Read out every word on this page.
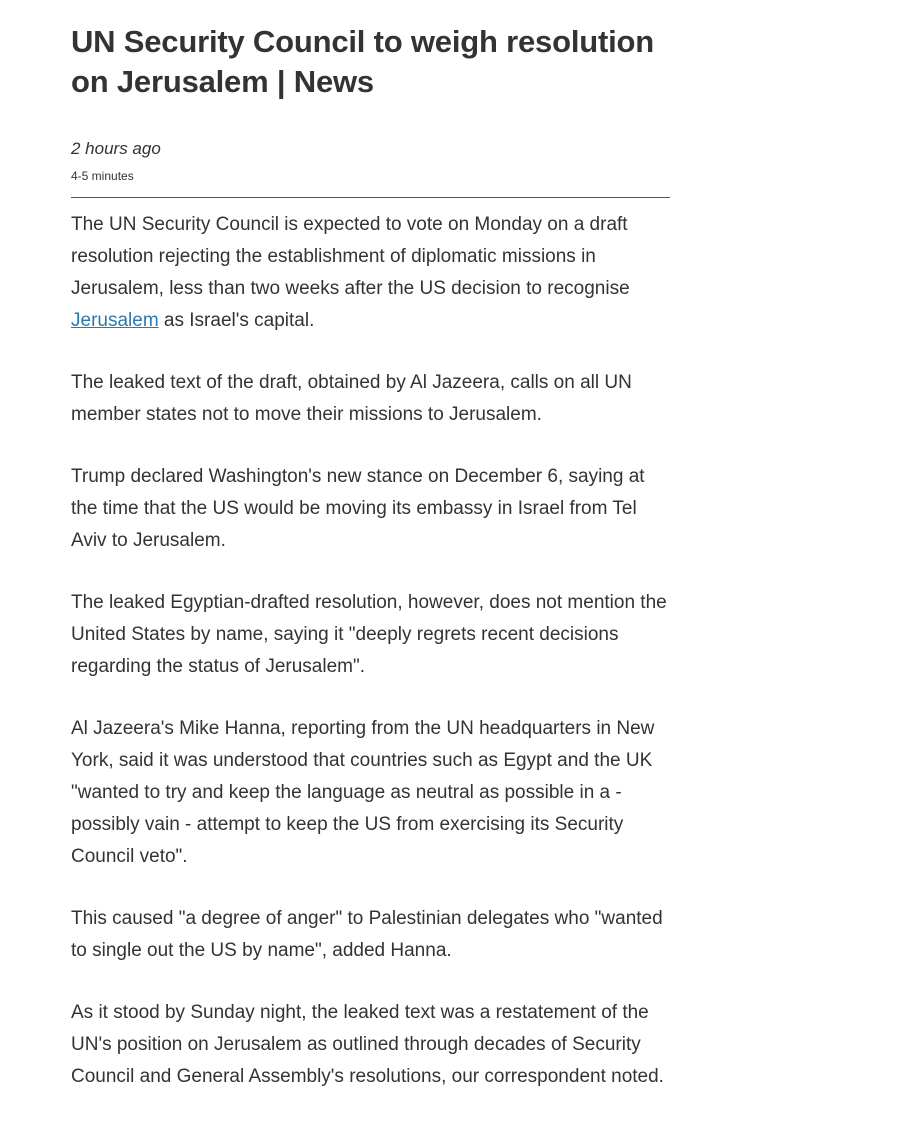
UN Security Council to weigh resolution on Jerusalem | News

2 hours ago

4-5 minutes

The UN Security Council is expected to vote on Monday on a draft resolution rejecting the establishment of diplomatic missions in Jerusalem, less than two weeks after the US decision to recognise Jerusalem as Israel's capital.

The leaked text of the draft, obtained by Al Jazeera, calls on all UN member states not to move their missions to Jerusalem.

Trump declared Washington's new stance on December 6, saying at the time that the US would be moving its embassy in Israel from Tel Aviv to Jerusalem.

The leaked Egyptian-drafted resolution, however, does not mention the United States by name, saying it "deeply regrets recent decisions regarding the status of Jerusalem".

Al Jazeera's Mike Hanna, reporting from the UN headquarters in New York, said it was understood that countries such as Egypt and the UK "wanted to try and keep the language as neutral as possible in a - possibly vain - attempt to keep the US from exercising its Security Council veto".

This caused "a degree of anger" to Palestinian delegates who "wanted to single out the US by name", added Hanna.

As it stood by Sunday night, the leaked text was a restatement of the UN's position on Jerusalem as outlined through decades of Security Council and General Assembly's resolutions, our correspondent noted.
